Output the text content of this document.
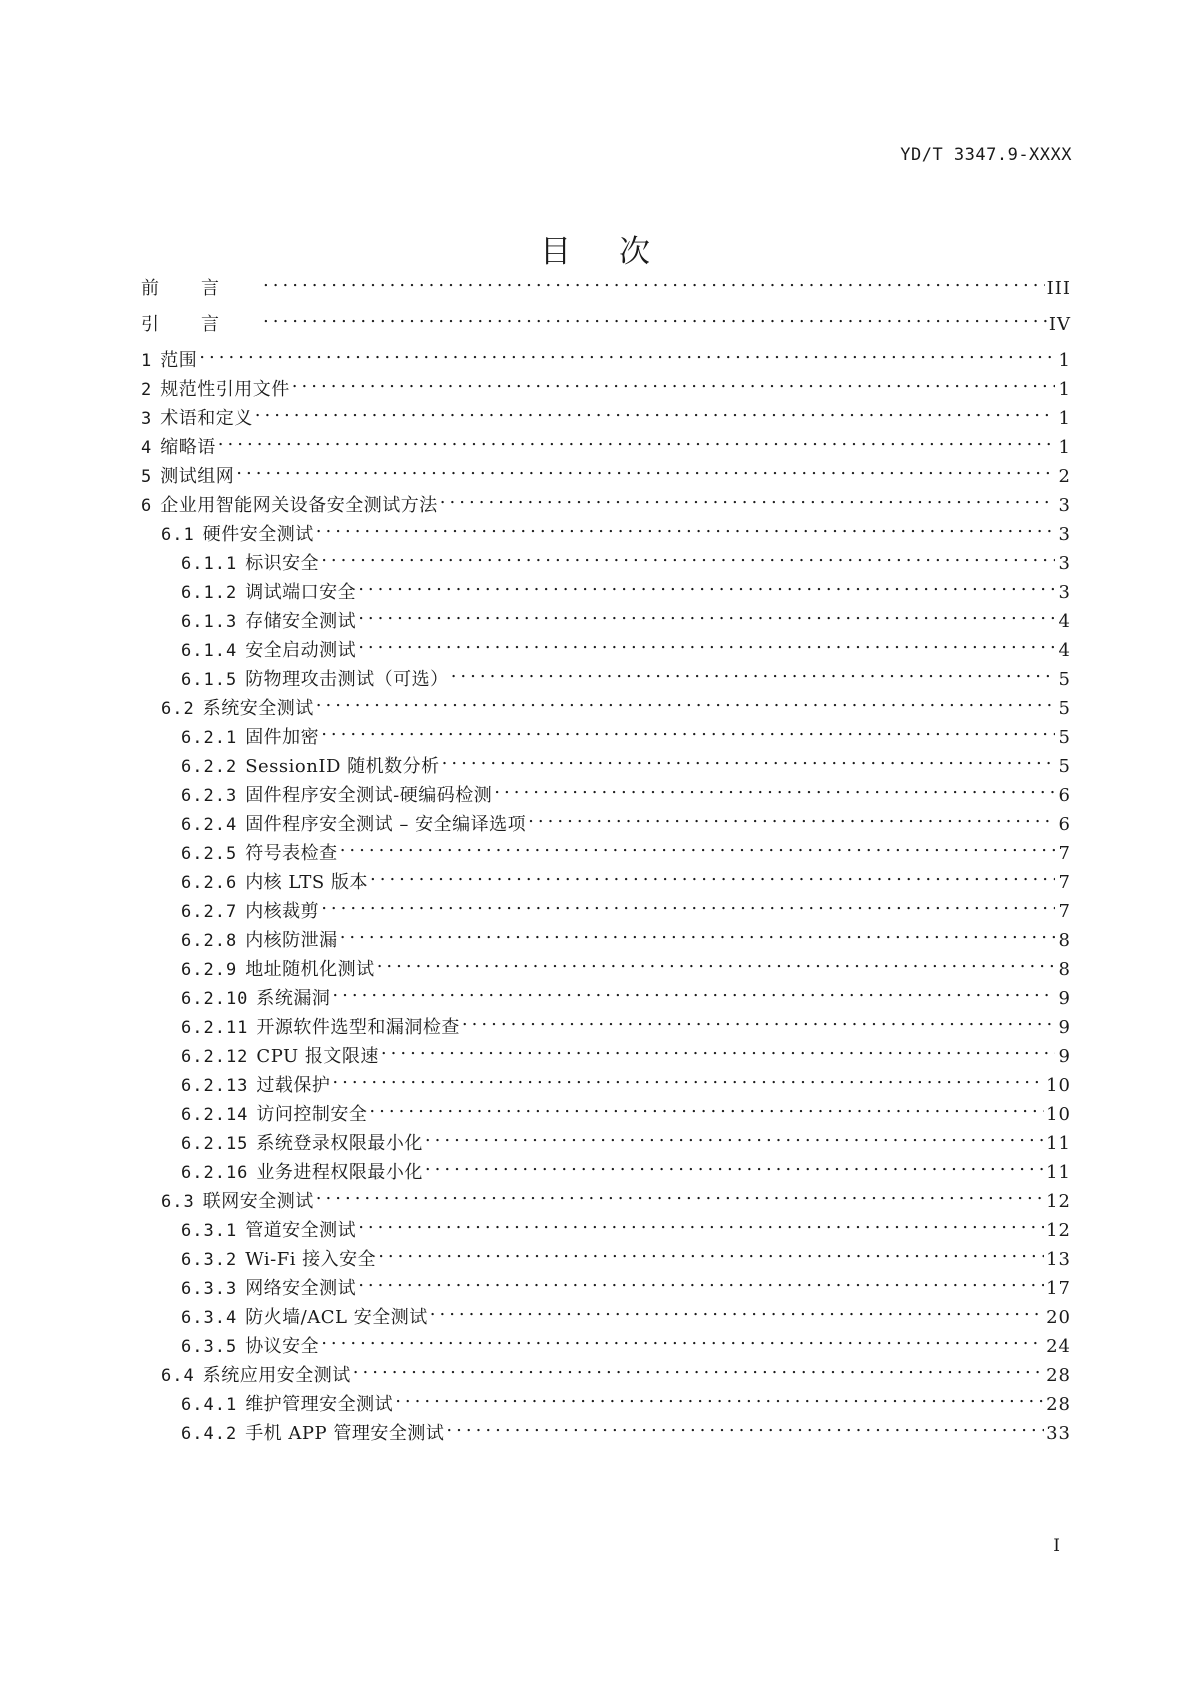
YD/T 3347.9-XXXX
目次
前言 . . .	III
引言 . . .	IV
1 范围 . . .	1
2 规范性引用文件 . . .	1
3 术语和定义 . . .	1
4 缩略语 . . .	1
5 测试组网 . . .	2
6 企业用智能网关设备安全测试方法 . . .	3
6.1 硬件安全测试 . . .	3
6.1.1 标识安全 . . .	3
6.1.2 调试端口安全 . . .	3
6.1.3 存储安全测试 . . .	4
6.1.4 安全启动测试 . . .	4
6.1.5 防物理攻击测试（可选） . . .	5
6.2 系统安全测试 . . .	5
6.2.1 固件加密 . . .	5
6.2.2 SessionID 随机数分析 . . .	5
6.2.3 固件程序安全测试-硬编码检测 . . .	6
6.2.4 固件程序安全测试 – 安全编译选项 . . .	6
6.2.5 符号表检查 . . .	7
6.2.6 内核 LTS 版本 . . .	7
6.2.7 内核裁剪 . . .	7
6.2.8 内核防泄漏 . . .	8
6.2.9 地址随机化测试 . . .	8
6.2.10 系统漏洞 . . .	9
6.2.11 开源软件选型和漏洞检查 . . .	9
6.2.12 CPU 报文限速 . . .	9
6.2.13 过载保护 . . .	10
6.2.14 访问控制安全 . . .	10
6.2.15 系统登录权限最小化 . . .	11
6.2.16 业务进程权限最小化 . . .	11
6.3 联网安全测试 . . .	12
6.3.1 管道安全测试 . . .	12
6.3.2 Wi-Fi 接入安全 . . .	13
6.3.3 网络安全测试 . . .	17
6.3.4 防火墙/ACL 安全测试 . . .	20
6.3.5 协议安全 . . .	24
6.4 系统应用安全测试 . . .	28
6.4.1 维护管理安全测试 . . .	28
6.4.2 手机 APP 管理安全测试 . . .	33
I
